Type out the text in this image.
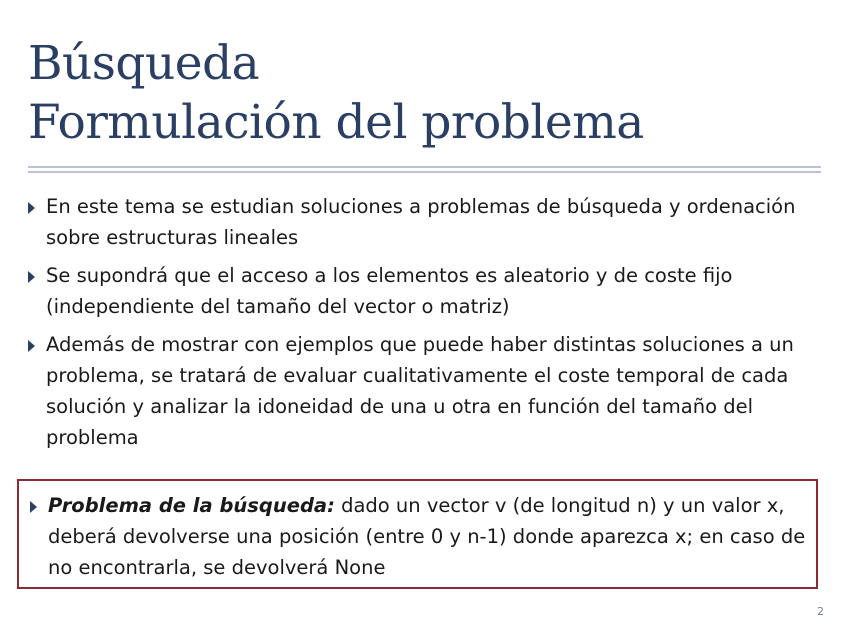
Búsqueda
Formulación del problema
En este tema se estudian soluciones a problemas de búsqueda y ordenación sobre estructuras lineales
Se supondrá que el acceso a los elementos es aleatorio y de coste fijo (independiente del tamaño del vector o matriz)
Además de mostrar con ejemplos que puede haber distintas soluciones a un problema, se tratará de evaluar cualitativamente el coste temporal de cada solución y analizar la idoneidad de una u otra en función del tamaño del problema
Problema de la búsqueda: dado un vector v (de longitud n) y un valor x, deberá devolverse una posición (entre 0 y n-1) donde aparezca x; en caso de no encontrarla, se devolverá None
2
